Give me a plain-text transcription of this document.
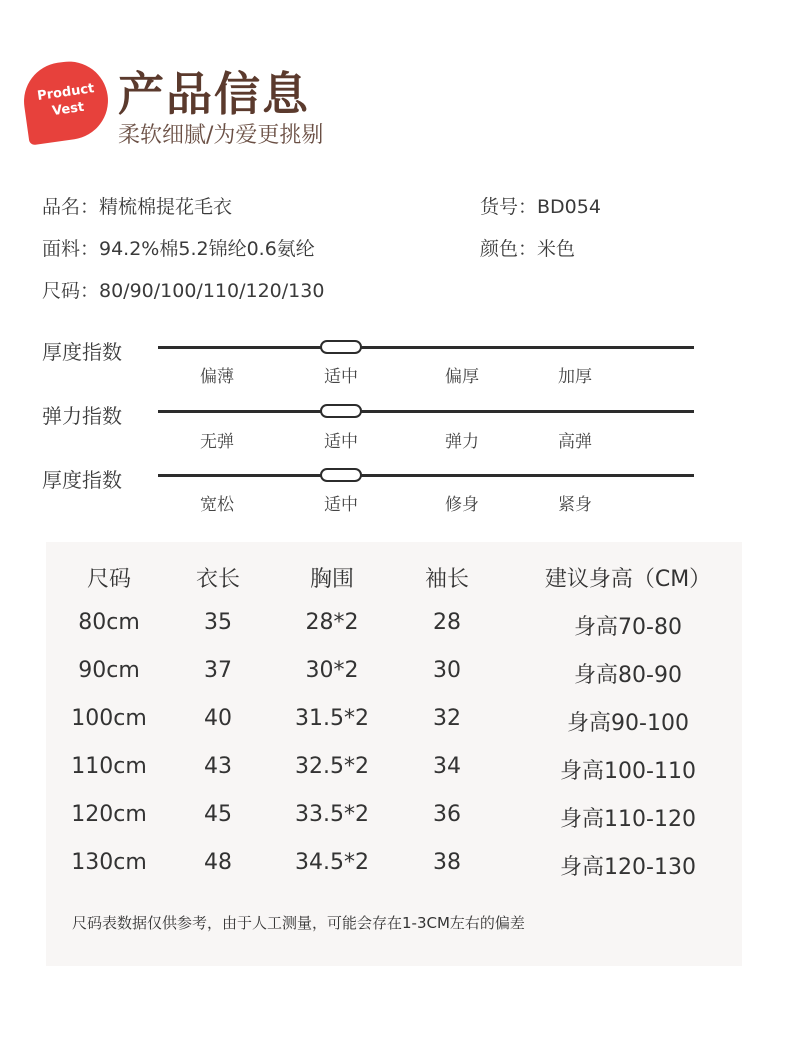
Product
Vest 产品信息
柔软细腻/为爱更挑剔
品名：精梳棉提花毛衣	货号：BD054
面料：94.2%棉5.2锦纶0.6氨纶	颜色：米色
尺码：80/90/100/110/120/130
厚度指数
偏薄	适中	偏厚	加厚
弹力指数
无弹	适中	弹力	高弹
厚度指数
宽松	适中	修身	紧身
尺码	衣长	胸围	袖长	建议身高（CM）
80cm	35	28*2	28	身高70-80
90cm	37	30*2	30	身高80-90
100cm	40	31.5*2	32	身高90-100
110cm	43	32.5*2	34	身高100-110
120cm	45	33.5*2	36	身高110-120
130cm	48	34.5*2	38	身高120-130
尺码表数据仅供参考，由于人工测量，可能会存在1-3CM左右的偏差
